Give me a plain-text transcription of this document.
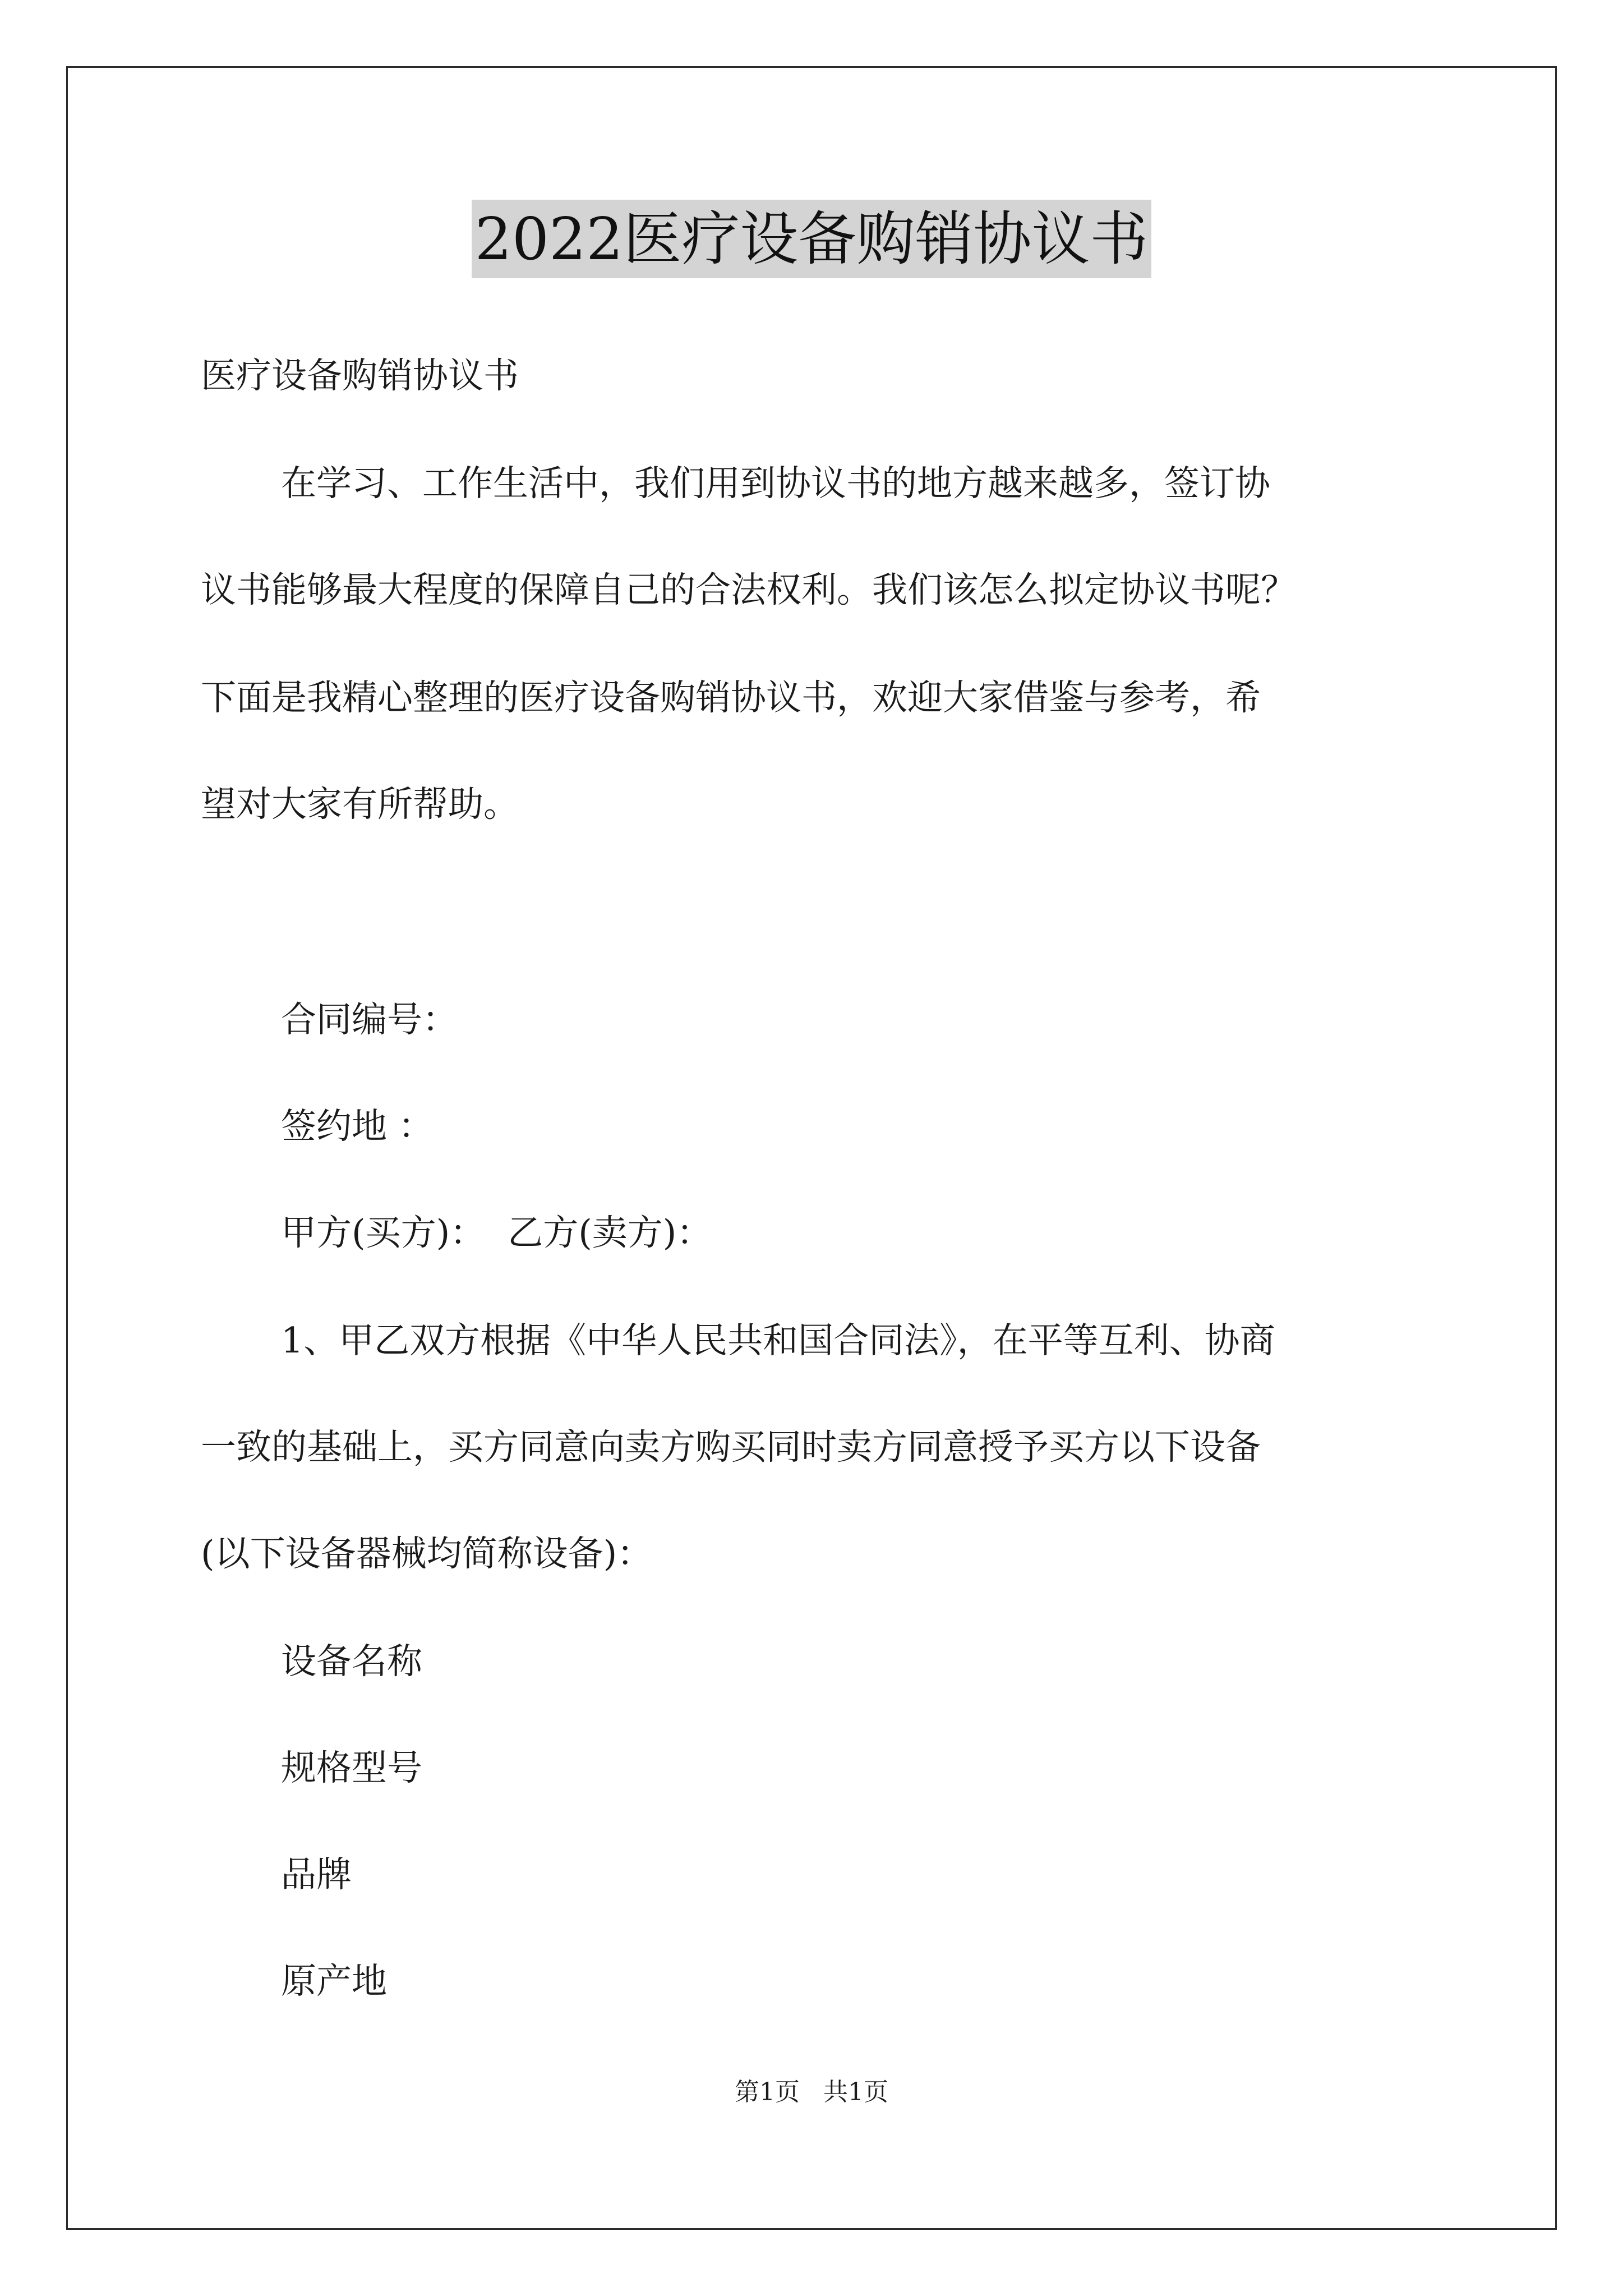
2022医疗设备购销协议书
医疗设备购销协议书
在学习、工作生活中，我们用到协议书的地方越来越多，签订协
议书能够最大程度的保障自己的合法权利。我们该怎么拟定协议书呢？
下面是我精心整理的医疗设备购销协议书，欢迎大家借鉴与参考，希
望对大家有所帮助。
合同编号：
签约地 ：
甲方(买方)：  乙方(卖方)：
1、甲乙双方根据《中华人民共和国合同法》，在平等互利、协商
一致的基础上，买方同意向卖方购买同时卖方同意授予买方以下设备
(以下设备器械均简称设备)：
设备名称
规格型号
品牌
原产地
第1页   共1页
